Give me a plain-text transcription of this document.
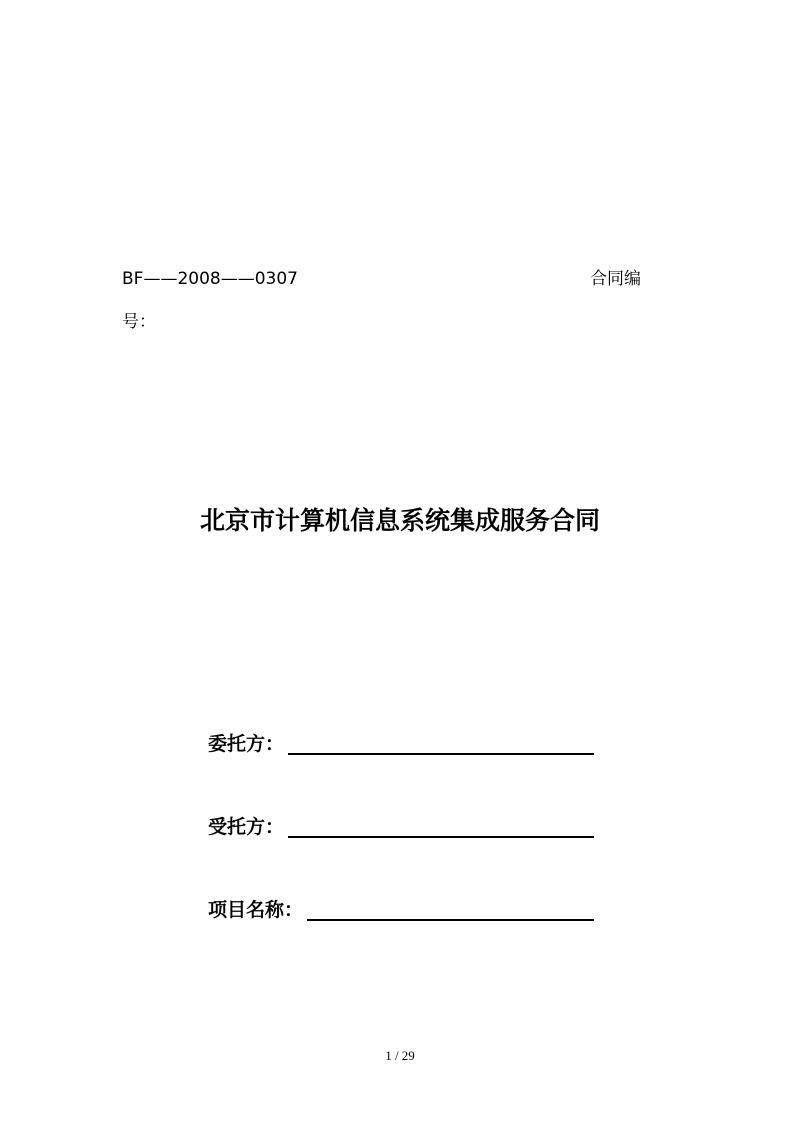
BF——2008——0307	合同编
号：
北京市计算机信息系统集成服务合同
委托方：
受托方：
项目名称：
1 / 29
